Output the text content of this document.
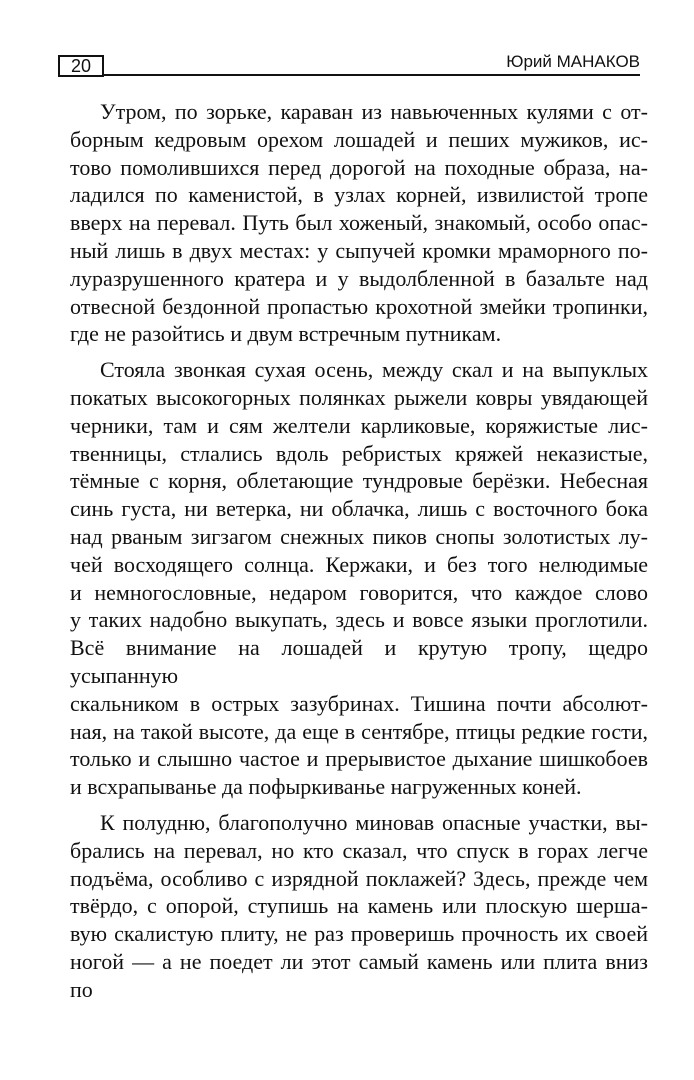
20	Юрий МАНАКОВ

Утром, по зорьке, караван из навьюченных кулями с от-
борным кедровым орехом лошадей и пеших мужиков, ис-
тово помолившихся перед дорогой на походные образа, на-
ладился по каменистой, в узлах корней, извилистой тропе
вверх на перевал. Путь был хоженый, знакомый, особо опас-
ный лишь в двух местах: у сыпучей кромки мраморного по-
луразрушенного кратера и у выдолбленной в базальте над
отвесной бездонной пропастью крохотной змейки тропинки,
где не разойтись и двум встречным путникам.

Стояла звонкая сухая осень, между скал и на выпуклых
покатых высокогорных полянках рыжели ковры увядающей
черники, там и сям желтели карликовые, коряжистые лис-
твенницы, стлались вдоль ребристых кряжей неказистые,
тёмные с корня, облетающие тундровые берёзки. Небесная
синь густа, ни ветерка, ни облачка, лишь с восточного бока
над рваным зигзагом снежных пиков снопы золотистых лу-
чей восходящего солнца. Кержаки, и без того нелюдимые
и немногословные, недаром говорится, что каждое слово
у таких надобно выкупать, здесь и вовсе языки проглотили.
Всё внимание на лошадей и крутую тропу, щедро усыпанную
скальником в острых зазубринах. Тишина почти абсолют-
ная, на такой высоте, да еще в сентябре, птицы редкие гости,
только и слышно частое и прерывистое дыхание шишкобоев
и всхрапыванье да пофыркиванье нагруженных коней.

К полудню, благополучно миновав опасные участки, вы-
брались на перевал, но кто сказал, что спуск в горах легче
подъёма, особливо с изрядной поклажей? Здесь, прежде чем
твёрдо, с опорой, ступишь на камень или плоскую шерша-
вую скалистую плиту, не раз проверишь прочность их своей
ногой — а не поедет ли этот самый камень или плита вниз по
